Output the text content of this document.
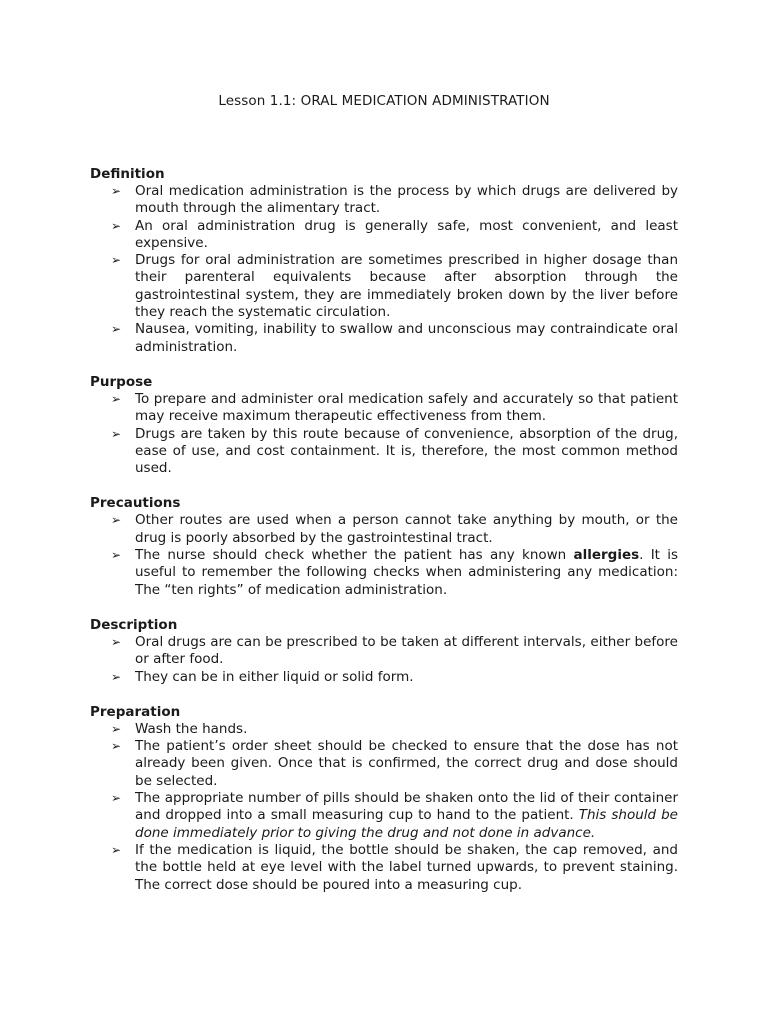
Lesson 1.1: ORAL MEDICATION ADMINISTRATION
Definition
➢ Oral medication administration is the process by which drugs are delivered by mouth through the alimentary tract.
➢ An oral administration drug is generally safe, most convenient, and least expensive.
➢ Drugs for oral administration are sometimes prescribed in higher dosage than their parenteral equivalents because after absorption through the gastrointestinal system, they are immediately broken down by the liver before they reach the systematic circulation.
➢ Nausea, vomiting, inability to swallow and unconscious may contraindicate oral administration.
Purpose
➢ To prepare and administer oral medication safely and accurately so that patient may receive maximum therapeutic effectiveness from them.
➢ Drugs are taken by this route because of convenience, absorption of the drug, ease of use, and cost containment. It is, therefore, the most common method used.
Precautions
➢ Other routes are used when a person cannot take anything by mouth, or the drug is poorly absorbed by the gastrointestinal tract.
➢ The nurse should check whether the patient has any known allergies. It is useful to remember the following checks when administering any medication: The “ten rights” of medication administration.
Description
➢ Oral drugs are can be prescribed to be taken at different intervals, either before or after food.
➢ They can be in either liquid or solid form.
Preparation
➢ Wash the hands.
➢ The patient’s order sheet should be checked to ensure that the dose has not already been given. Once that is confirmed, the correct drug and dose should be selected.
➢ The appropriate number of pills should be shaken onto the lid of their container and dropped into a small measuring cup to hand to the patient. This should be done immediately prior to giving the drug and not done in advance.
➢ If the medication is liquid, the bottle should be shaken, the cap removed, and the bottle held at eye level with the label turned upwards, to prevent staining. The correct dose should be poured into a measuring cup.
